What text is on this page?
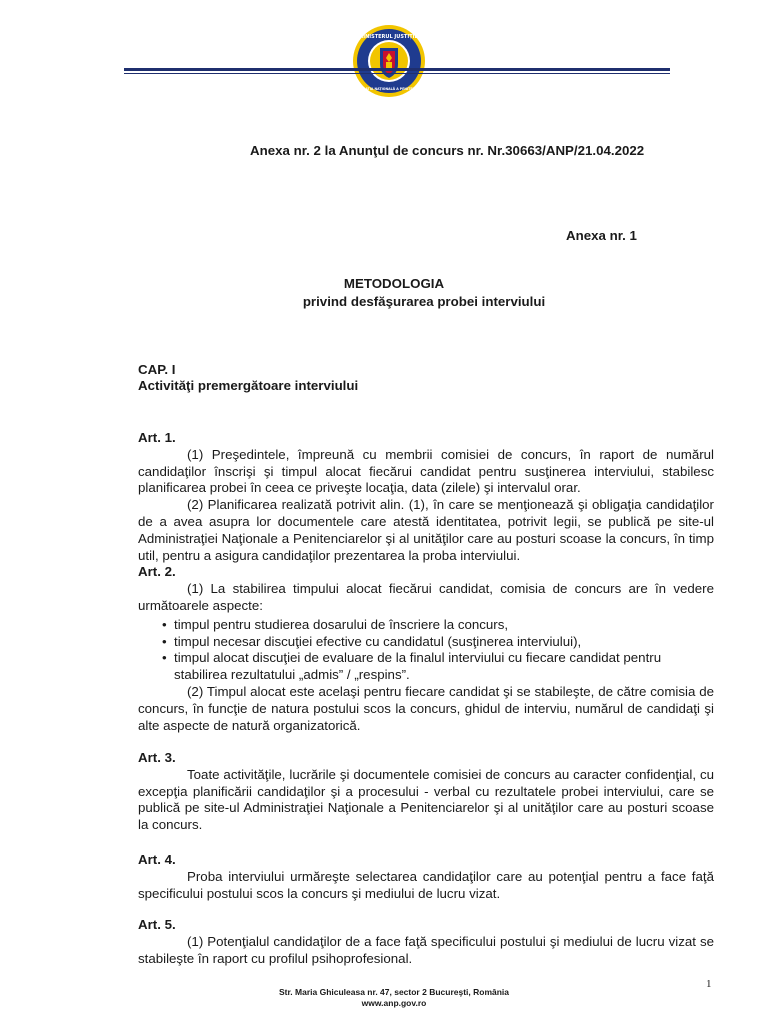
MINISTERUL JUSTIȚIEI
ADMINISTRAȚIA NAȚIONALĂ A PENITENCIARELOR
Anexa nr. 2 la Anunţul de concurs nr. Nr.30663/ANP/21.04.2022
Anexa nr. 1
METODOLOGIA
privind desfăşurarea probei interviului
CAP. I
Activităţi premergătoare interviului
Art. 1.

(1) Preşedintele, împreună cu membrii comisiei de concurs, în raport de numărul candidaţilor înscrişi şi timpul alocat fiecărui candidat pentru susţinerea interviului, stabilesc planificarea probei în ceea ce priveşte locaţia, data (zilele) şi intervalul orar.

(2) Planificarea realizată potrivit alin. (1), în care se menţionează şi obligaţia candidaţilor de a avea asupra lor documentele care atestă identitatea, potrivit legii, se publică pe site-ul Administraţiei Naţionale a Penitenciarelor şi al unităţilor care au posturi scoase la concurs, în timp util, pentru a asigura candidaţilor prezentarea la proba interviului.

Art. 2.

(1) La stabilirea timpului alocat fiecărui candidat, comisia de concurs are în vedere următoarele aspecte:

• timpul pentru studierea dosarului de înscriere la concurs,
• timpul necesar discuţiei efective cu candidatul (susţinerea interviului),
• timpul alocat discuţiei de evaluare de la finalul interviului cu fiecare candidat pentru stabilirea rezultatului „admis” / „respins”.

(2) Timpul alocat este acelaşi pentru fiecare candidat şi se stabileşte, de către comisia de concurs, în funcţie de natura postului scos la concurs, ghidul de interviu, numărul de candidaţi şi alte aspecte de natură organizatorică.

Art. 3.

Toate activităţile, lucrările şi documentele comisiei de concurs au caracter confidenţial, cu excepţia planificării candidaţilor şi a procesului - verbal cu rezultatele probei interviului, care se publică pe site-ul Administraţiei Naţionale a Penitenciarelor şi al unităţilor care au posturi scoase la concurs.

Art. 4.

Proba interviului urmăreşte selectarea candidaţilor care au potenţial pentru a face faţă specificului postului scos la concurs şi mediului de lucru vizat.

Art. 5.

(1) Potenţialul candidaţilor de a face faţă specificului postului şi mediului de lucru vizat se stabileşte în raport cu profilul psihoprofesional.

1
Str. Maria Ghiculeasa nr. 47, sector 2 Bucureşti, România
www.anp.gov.ro
